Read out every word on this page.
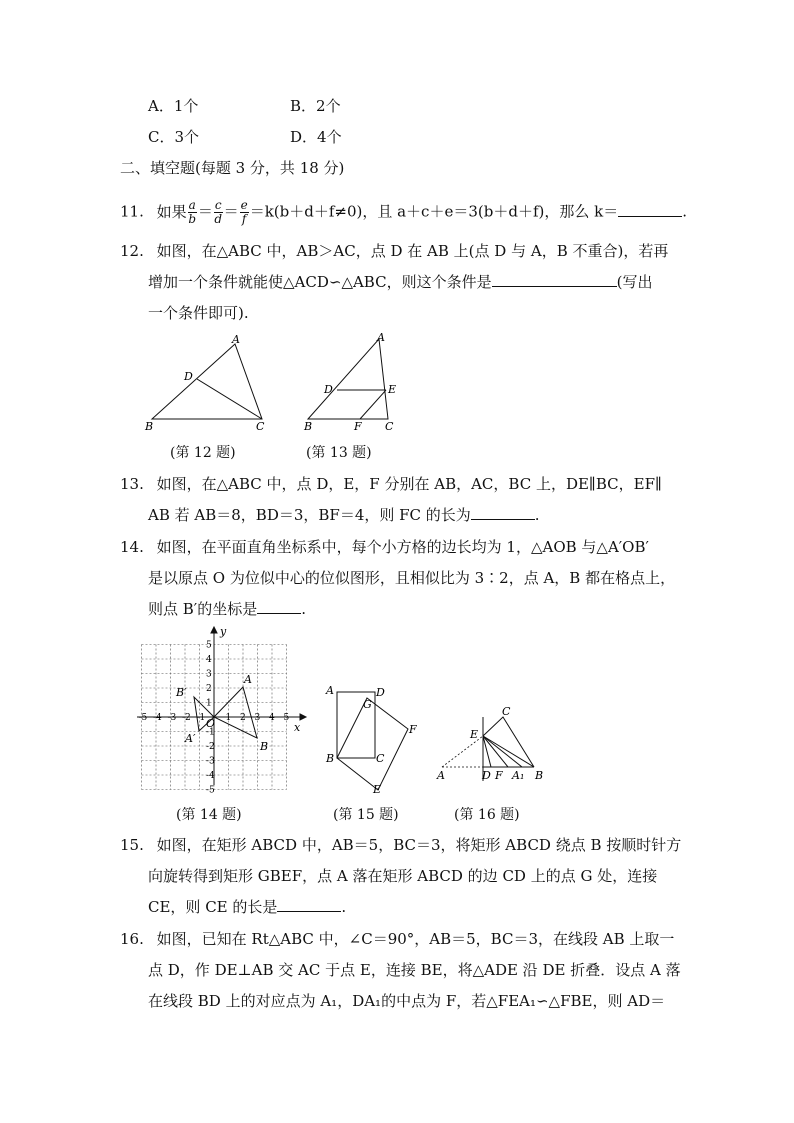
A．1个	B．2个
C．3个	D．4个
二、填空题(每题 3 分，共 18 分)
11. 如果 $\frac{a}{b} = \frac{c}{d} = \frac{e}{f} =k(b+d+f\ne 0)$，且 a＋c＋e＝3(b＋d＋f)，那么 k＝	.
12. 如图，在△ABC 中，AB＞AC，点 D 在 AB 上(点 D 与 A，B 不重合)，若再
增加一个条件就能使△ACD∽△ABC，则这个条件是	(写出
一个条件即可).
A
B	C
D
A
B	C
D	E
F
(第 12 题)	(第 13 题)
13. 如图，在△ABC 中，点 D，E，F 分别在 AB，AC，BC 上，DE∥BC，EF∥
AB 若 AB＝8，BD＝3，BF＝4，则 FC 的长为	.
14. 如图，在平面直角坐标系中，每个小方格的边长均为 1，△AOB 与△A′OB′
是以原点 O 为位似中心的位似图形，且相似比为 3∶2，点 A，B 都在格点上，
则点 B′的坐标是	.
-5 -4 -3 -2 -1 1 2 3 4 5
5
4
3
2
1
-1
-2
-3
-4
-5
A
B
A′
B′
O	x
y
(第 14 题)
A
B	C
D
E
F
G
(第 15 题)
A	B
C
D
E
F A₁
(第 16 题)
15. 如图，在矩形 ABCD 中，AB＝5，BC＝3，将矩形 ABCD 绕点 B 按顺时针方
向旋转得到矩形 GBEF，点 A 落在矩形 ABCD 的边 CD 上的点 G 处，连接
CE，则 CE 的长是	.
16. 如图，已知在 Rt△ABC 中，∠C＝90°，AB＝5，BC＝3，在线段 AB 上取一
点 D，作 DE⊥AB 交 AC 于点 E，连接 BE，将△ADE 沿 DE 折叠．设点 A 落
在线段 BD 上的对应点为 A₁，DA₁的中点为 F，若△FEA₁∽△FBE，则 AD＝
